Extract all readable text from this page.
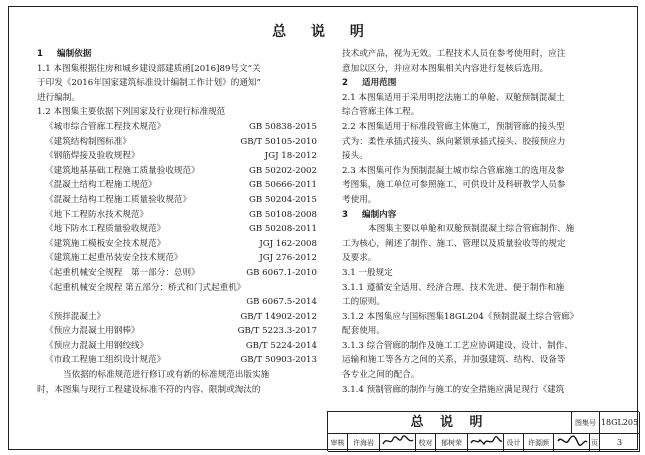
总 说 明
1 编制依据
1.1 本图集根据住房和城乡建设部建质函[2016]89号文“关
于印发《2016年国家建筑标准设计编制工作计划》的通知”
进行编制。
1.2 本图集主要依据下列国家及行业现行标准规范
《城市综合管廊工程技术规范》	GB 50838-2015
《建筑结构制图标准》	GB/T 50105-2010
《钢筋焊接及验收规程》	JGJ 18-2012
《建筑地基基础工程施工质量验收规范》	GB 50202-2002
《混凝土结构工程施工规范》	GB 50666-2011
《混凝土结构工程施工质量验收规范》	GB 50204-2015
《地下工程防水技术规范》	GB 50108-2008
《地下防水工程质量验收规范》	GB 50208-2011
《建筑施工模板安全技术规范》	JGJ 162-2008
《建筑施工起重吊装安全技术规范》	JGJ 276-2012
《起重机械安全规程　第一部分：总则》	GB 6067.1-2010
《起重机械安全规程 第五部分：桥式和门式起重机》
GB 6067.5-2014
《预拌混凝土》	GB/T 14902-2012
《预应力混凝土用钢棒》	GB/T 5223.3-2017
《预应力混凝土用钢绞线》	GB/T 5224-2014
《市政工程施工组织设计规范》	GB/T 50903-2013
当依据的标准规范进行修订或有新的标准规范出版实施
时，本图集与现行工程建设标准不符的内容、限制或淘汰的
技术或产品，视为无效。工程技术人员在参考使用时，应注
意加以区分，并应对本图集相关内容进行复核后选用。
2 适用范围
2.1 本图集适用于采用明挖法施工的单舱、双舱预制混凝土
综合管廊主体工程。
2.2 本图集适用于标准段管廊主体施工，预制管廊的接头型
式为：柔性承插式接头、纵向紧锁承插式接头、胶接预应力
接头。
2.3 本图集可作为预制混凝土城市综合管廊施工的选用及参
考图集，施工单位可参照施工，可供设计及科研教学人员参
考使用。
3 编制内容
本图集主要以单舱和双舱预制混凝土综合管廊制作、施
工为核心，阐述了制作、施工、管理以及质量验收等的规定
及要求。
3.1 一般规定
3.1.1 遵循安全适用、经济合理、技术先进、便于制作和施
工的原则。
3.1.2 本图集应与国标图集18GL204《预制混凝土综合管廊》
配套使用。
3.1.3 综合管廊的制作及施工工艺应协调建设、设计、制作、
运输和施工等各方之间的关系，并加强建筑、结构、设备等
各专业之间的配合。
3.1.4 预制管廊的制作与施工的安全措施应满足现行《建筑
总 说 明	图集号 18GL205
审核	许海岩	校对	郁树荣	设计	许源颜	页	3
